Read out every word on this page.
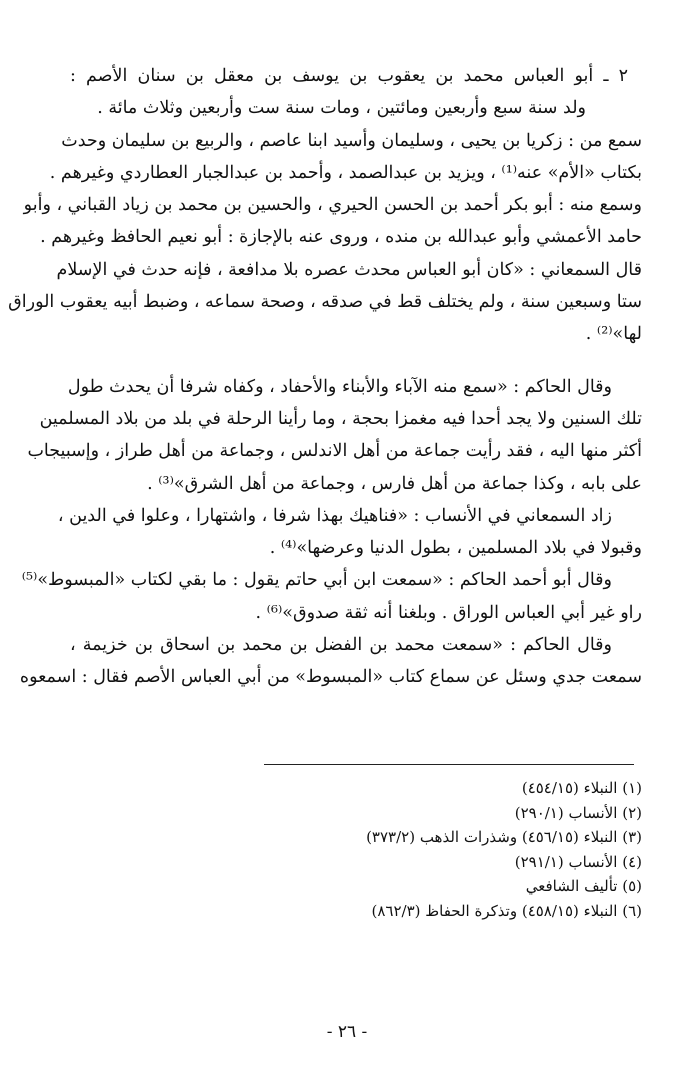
٢ ـ أبو العباس محمد بن يعقوب بن يوسف بن معقل بن سنان الأصم :
ولد سنة سبع وأربعين ومائتين ، ومات سنة ست وأربعين وثلاث مائة .
سمع من : زكريا بن يحيى ، وسليمان وأسيد ابنا عاصم ، والربيع بن سليمان وحدث
بكتاب «الأم» عنه⁽¹⁾ ، ويزيد بن عبدالصمد ، وأحمد بن عبدالجبار العطاردي وغيرهم .
وسمع منه : أبو بكر أحمد بن الحسن الحيري ، والحسين بن محمد بن زياد القباني ، وأبو
حامد الأعمشي وأبو عبدالله بن منده ، وروى عنه بالإجازة : أبو نعيم الحافظ وغيرهم .
قال السمعاني : «كان أبو العباس محدث عصره بلا مدافعة ، فإنه حدث في الإسلام
ستا وسبعين سنة ، ولم يختلف قط في صدقه ، وصحة سماعه ، وضبط أبيه يعقوب الوراق
لها»⁽²⁾ .
وقال الحاكم : «سمع منه الآباء والأبناء والأحفاد ، وكفاه شرفا أن يحدث طول
تلك السنين ولا يجد أحدا فيه مغمزا بحجة ، وما رأينا الرحلة في بلد من بلاد المسلمين
أكثر منها اليه ، فقد رأيت جماعة من أهل الاندلس ، وجماعة من أهل طراز ، وإسبيجاب
على بابه ، وكذا جماعة من أهل فارس ، وجماعة من أهل الشرق»⁽³⁾ .
زاد السمعاني في الأنساب : «فناهيك بهذا شرفا ، واشتهارا ، وعلوا في الدين ،
وقبولا في بلاد المسلمين ، بطول الدنيا وعرضها»⁽⁴⁾ .
وقال أبو أحمد الحاكم : «سمعت ابن أبي حاتم يقول : ما بقي لكتاب «المبسوط»⁽⁵⁾
راو غير أبي العباس الوراق . وبلغنا أنه ثقة صدوق»⁽⁶⁾ .
وقال الحاكم : «سمعت محمد بن الفضل بن محمد بن اسحاق بن خزيمة ،
سمعت جدي وسئل عن سماع كتاب «المبسوط» من أبي العباس الأصم فقال : اسمعوه
(١) النبلاء (٤٥٤/١٥)
(٢) الأنساب (٢٩٠/١)
(٣) النبلاء (٤٥٦/١٥) وشذرات الذهب (٣٧٣/٢)
(٤) الأنساب (٢٩١/١)
(٥) تأليف الشافعي
(٦) النبلاء (٤٥٨/١٥) وتذكرة الحفاظ (٨٦٢/٣)
- ٢٦ -
